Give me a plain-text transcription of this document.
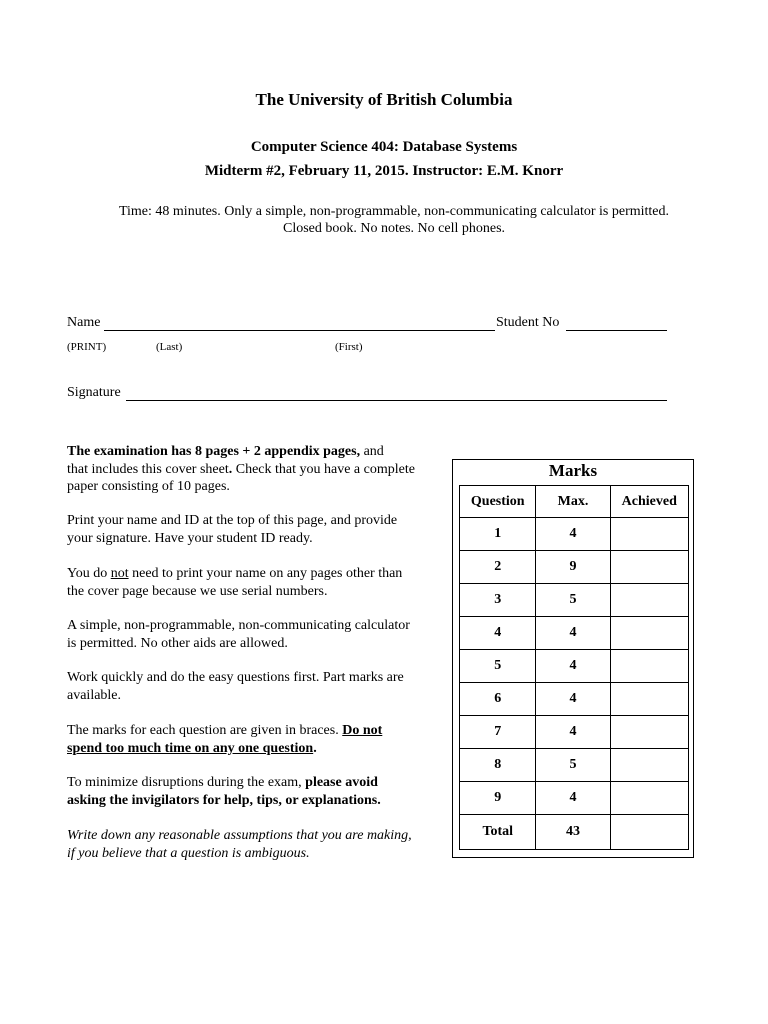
The University of British Columbia
Computer Science 404: Database Systems
Midterm #2, February 11, 2015. Instructor: E.M. Knorr
Time: 48 minutes. Only a simple, non-programmable, non-communicating calculator is permitted.
Closed book. No notes. No cell phones.
Name	Student No
(PRINT)	(Last)	(First)
Signature
The examination has 8 pages + 2 appendix pages, and
that includes this cover sheet. Check that you have a complete paper consisting of 10 pages.
Print your name and ID at the top of this page, and provide your signature. Have your student ID ready.
You do not need to print your name on any pages other than the cover page because we use serial numbers.
A simple, non-programmable, non-communicating calculator is permitted. No other aids are allowed.
Work quickly and do the easy questions first. Part marks are available.
The marks for each question are given in braces. Do not spend too much time on any one question.
To minimize disruptions during the exam, please avoid asking the invigilators for help, tips, or explanations.
Write down any reasonable assumptions that you are making, if you believe that a question is ambiguous.
Marks
Question	Max.	Achieved
1	4	
2	9	
3	5	
4	4	
5	4	
6	4	
7	4	
8	5	
9	4	
Total	43	
